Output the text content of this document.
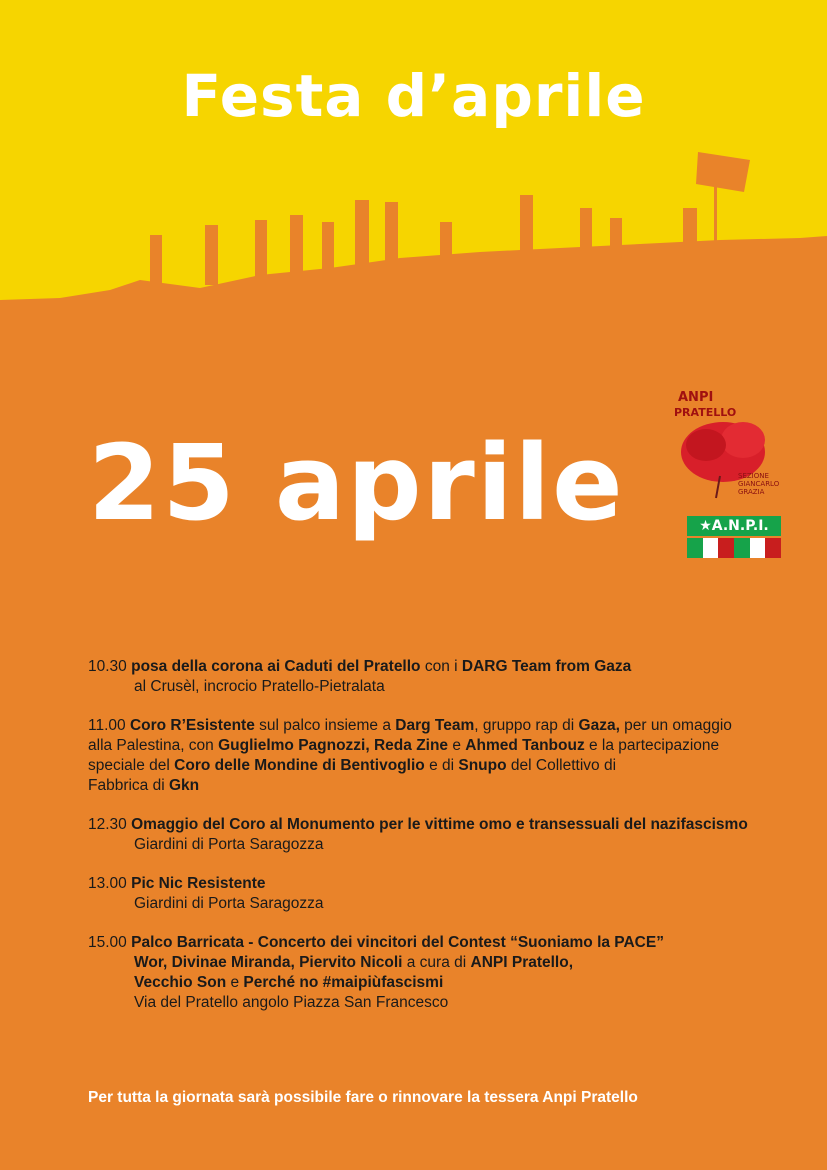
Festa d’aprile
25 aprile
ANPI
PRATELLO
SEZIONE GIANCARLO GRAZIA
★A.N.P.I.
10.30 posa della corona ai Caduti del Pratello con i DARG Team from Gaza
al Crusèl, incrocio Pratello-Pietralata
11.00 Coro R’Esistente sul palco insieme a Darg Team, gruppo rap di Gaza, per un omaggio
alla Palestina, con Guglielmo Pagnozzi, Reda Zine e Ahmed Tanbouz e la partecipazione
speciale del Coro delle Mondine di Bentivoglio e di Snupo del Collettivo di
Fabbrica di Gkn
12.30 Omaggio del Coro al Monumento per le vittime omo e transessuali del nazifascismo
Giardini di Porta Saragozza
13.00 Pic Nic Resistente
Giardini di Porta Saragozza
15.00 Palco Barricata - Concerto dei vincitori del Contest “Suoniamo la PACE”
Wor, Divinae Miranda, Piervito Nicoli a cura di ANPI Pratello,
Vecchio Son e Perché no #maipiùfascismi
Via del Pratello angolo Piazza San Francesco
Per tutta la giornata sarà possibile fare o rinnovare la tessera Anpi Pratello
